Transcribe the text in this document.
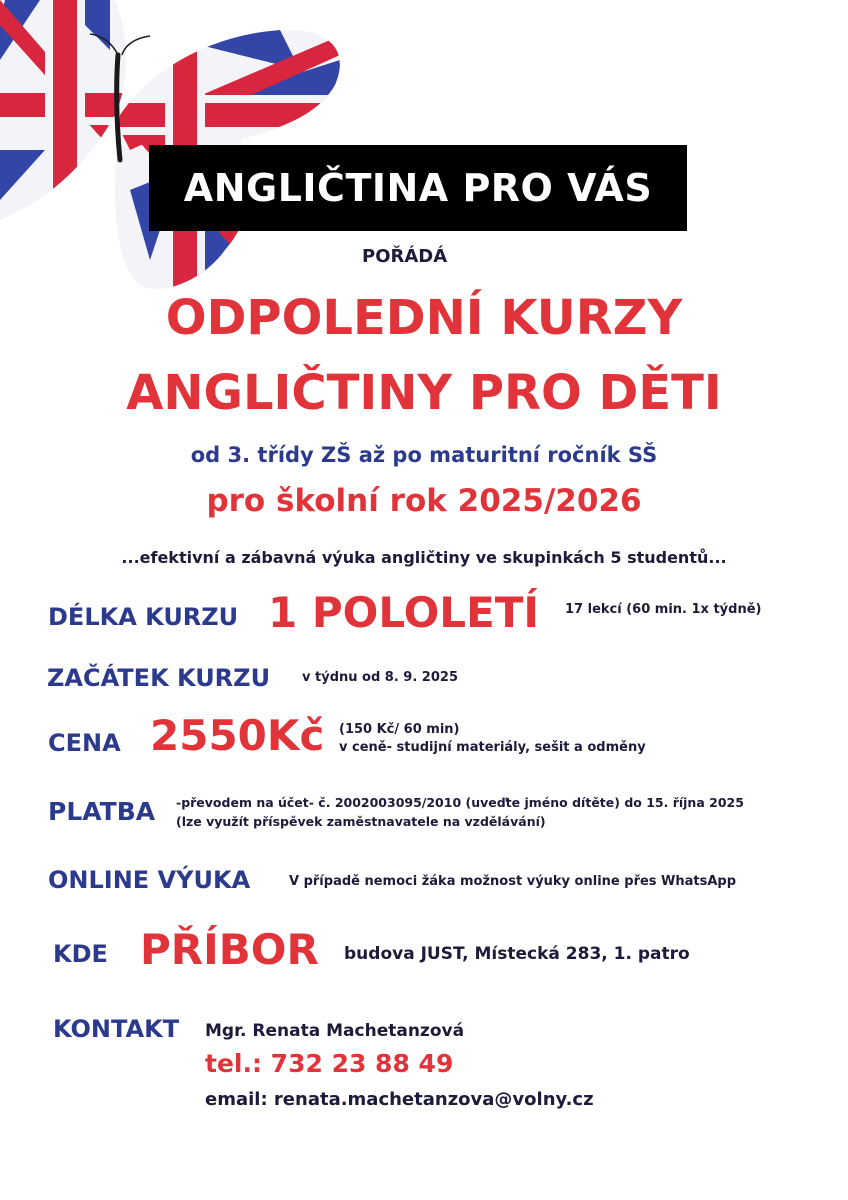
ANGLIČTINA PRO VÁS
POŘÁDÁ
ODPOLEDNÍ KURZY
ANGLIČTINY PRO DĚTI
od 3. třídy ZŠ až po maturitní ročník SŠ
pro školní rok 2025/2026
...efektivní a zábavná výuka angličtiny ve skupinkách 5 studentů...
DÉLKA KURZU 1 POLOLETÍ 17 lekcí (60 min. 1x týdně)
ZAČÁTEK KURZU v týdnu od 8. 9. 2025
CENA 2550Kč (150 Kč/ 60 min)
v ceně- studijní materiály, sešit a odměny
PLATBA -převodem na účet- č. 2002003095/2010 (uveďte jméno dítěte) do 15. října 2025
(lze využít příspěvek zaměstnavatele na vzdělávání)
ONLINE VÝUKA	V případě nemoci žáka možnost výuky online přes WhatsApp
KDE PŘÍBOR budova JUST, Místecká 283, 1. patro
KONTAKT Mgr. Renata Machetanzová
tel.: 732 23 88 49
email: renata.machetanzova@volny.cz
